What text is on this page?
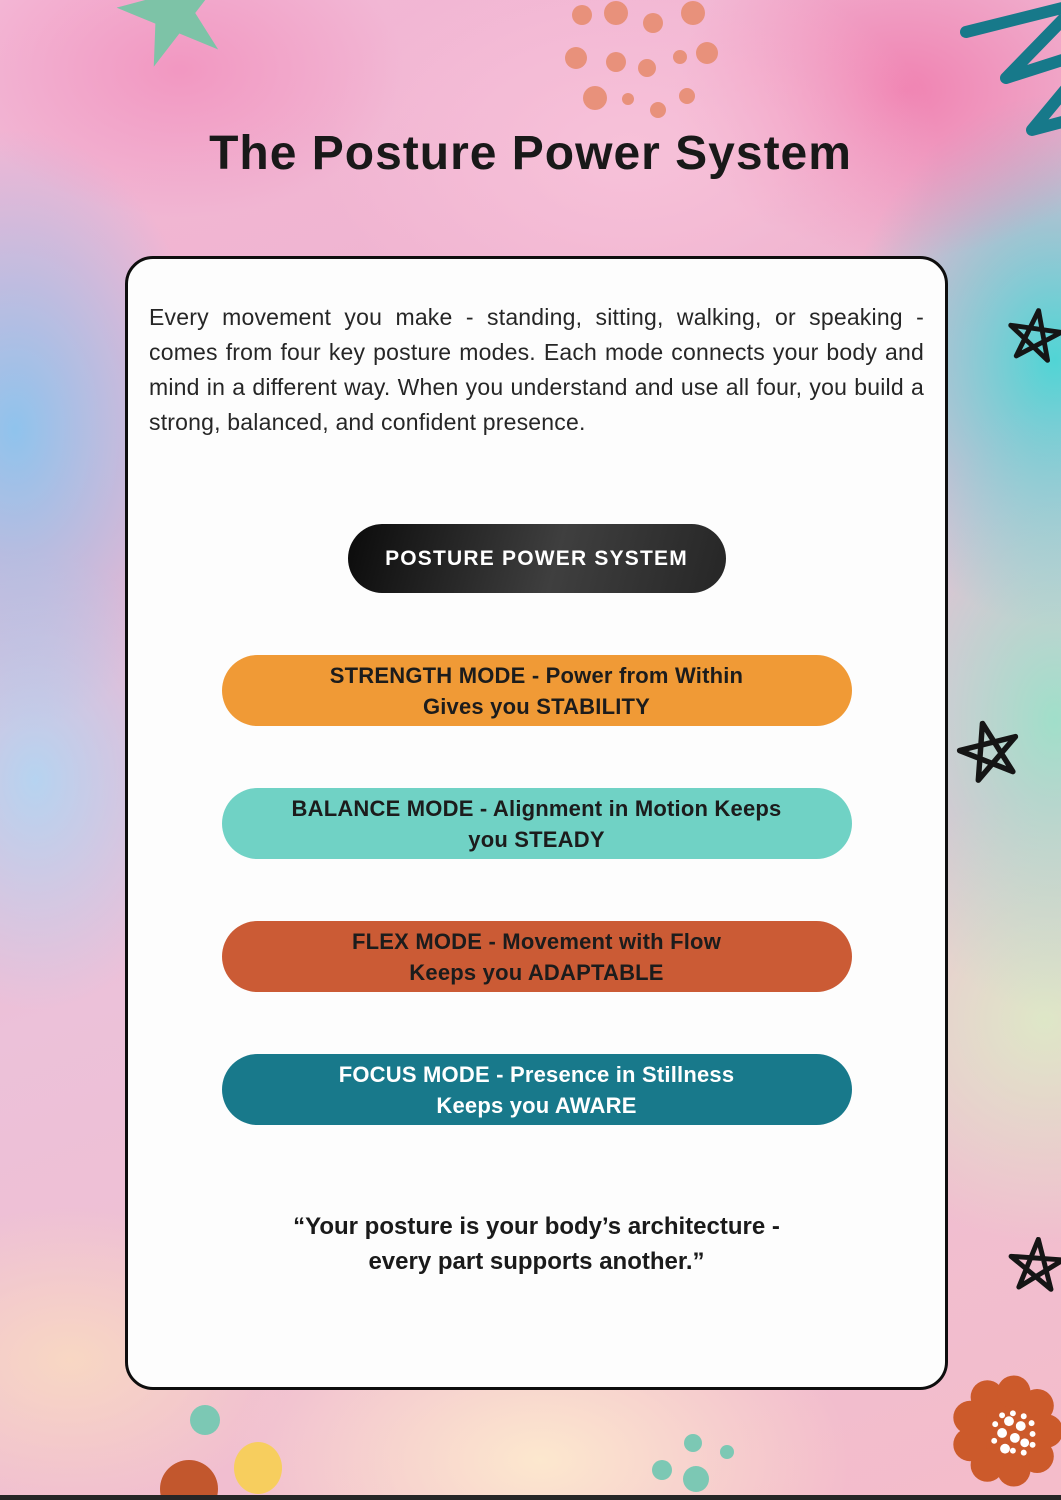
The Posture Power System

Every movement you make - standing, sitting, walking, or speaking - comes from four key posture modes. Each mode connects your body and mind in a different way. When you understand and use all four, you build a strong, balanced, and confident presence.

POSTURE POWER SYSTEM
STRENGTH MODE - Power from Within
Gives you STABILITY
BALANCE MODE - Alignment in Motion Keeps
you STEADY
FLEX MODE - Movement with Flow
Keeps you ADAPTABLE
FOCUS MODE - Presence in Stillness
Keeps you AWARE

“Your posture is your body’s architecture -
every part supports another.”
